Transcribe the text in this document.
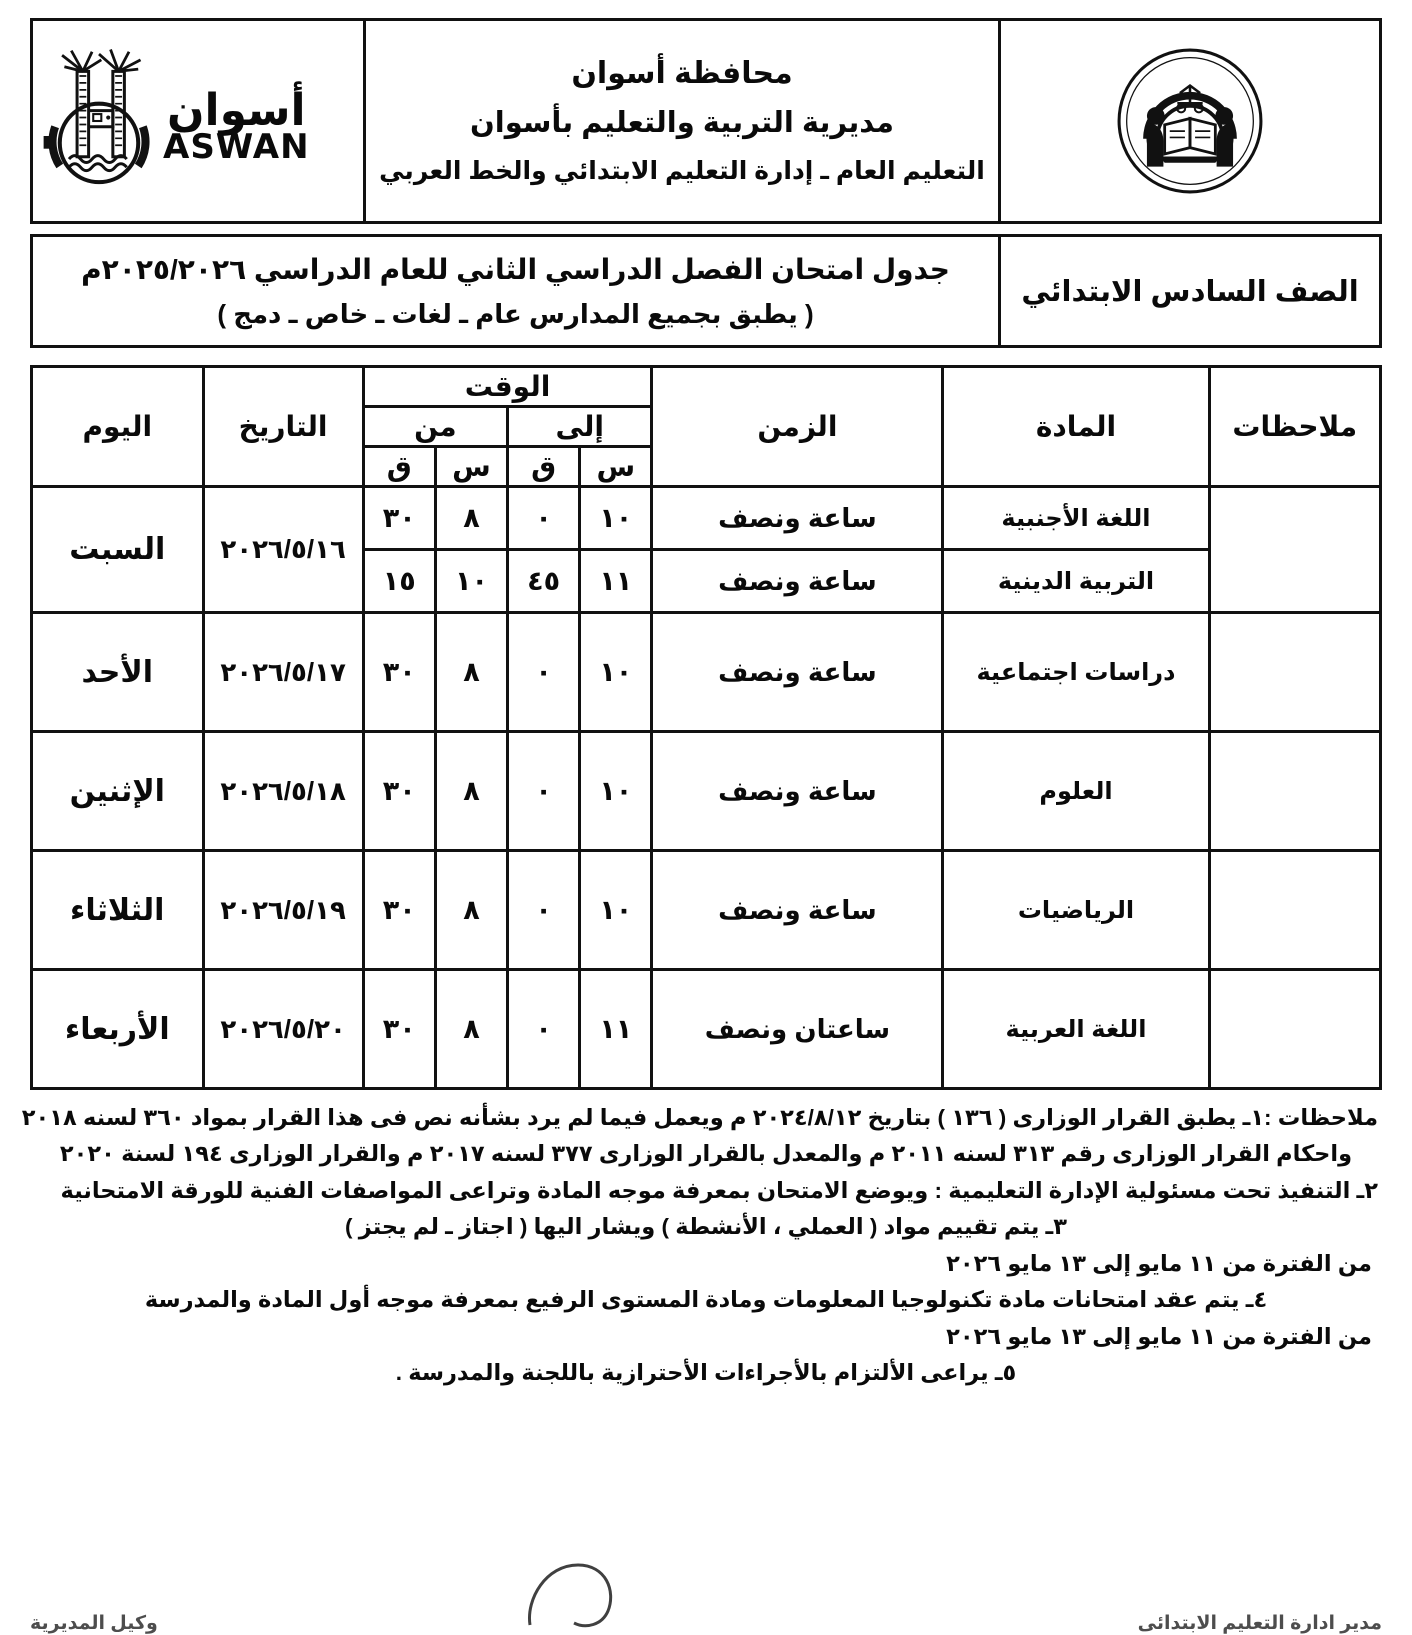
محافظة أسوان
مديرية التربية والتعليم بأسوان
التعليم العام ـ إدارة التعليم الابتدائي والخط العربي

أسوان
ASWAN
الصف السادس الابتدائي	
جدول امتحان الفصل الدراسي الثاني للعام الدراسي ٢٠٢٥/٢٠٢٦م
( يطبق بجميع المدارس عام ـ لغات ـ خاص ـ دمج )
ملاحظات	المادة	الزمن	الوقت				التاريخ	اليوم
			إلى		من			
			س	ق	س	ق		
	اللغة الأجنبية	ساعة ونصف	١٠	٠	٨	٣٠	٢٠٢٦/٥/١٦	السبت
	التربية الدينية	ساعة ونصف	١١	٤٥	١٠	١٥		
	دراسات اجتماعية	ساعة ونصف	١٠	٠	٨	٣٠	٢٠٢٦/٥/١٧	الأحد
	العلوم	ساعة ونصف	١٠	٠	٨	٣٠	٢٠٢٦/٥/١٨	الإثنين
	الرياضيات	ساعة ونصف	١٠	٠	٨	٣٠	٢٠٢٦/٥/١٩	الثلاثاء
	اللغة العربية	ساعتان ونصف	١١	٠	٨	٣٠	٢٠٢٦/٥/٢٠	الأربعاء
ملاحظات :١ـ يطبق القرار الوزارى ( ١٣٦ ) بتاريخ ٢٠٢٤/٨/١٢ م ويعمل فيما لم يرد بشأنه نص فى هذا القرار بمواد ٣٦٠ لسنه ٢٠١٨
واحكام القرار الوزارى رقم ٣١٣ لسنه ٢٠١١ م والمعدل بالقرار الوزارى ٣٧٧ لسنه ٢٠١٧ م والقرار الوزارى ١٩٤ لسنة ٢٠٢٠
٢ـ التنفيذ تحت مسئولية الإدارة التعليمية : ويوضع الامتحان بمعرفة موجه المادة وتراعى المواصفات الفنية للورقة الامتحانية
٣ـ يتم تقييم مواد ( العملي ، الأنشطة ) ويشار اليها ( اجتاز ـ لم يجتز )
من الفترة من ١١ مايو إلى ١٣ مايو ٢٠٢٦
٤ـ يتم عقد امتحانات مادة تكنولوجيا المعلومات ومادة المستوى الرفيع بمعرفة موجه أول المادة والمدرسة
من الفترة من ١١ مايو إلى ١٣ مايو ٢٠٢٦
٥ـ يراعى الألتزام بالأجراءات الأحترازية باللجنة والمدرسة .
مدير ادارة التعليم الابتدائى
وكيل المديرية
